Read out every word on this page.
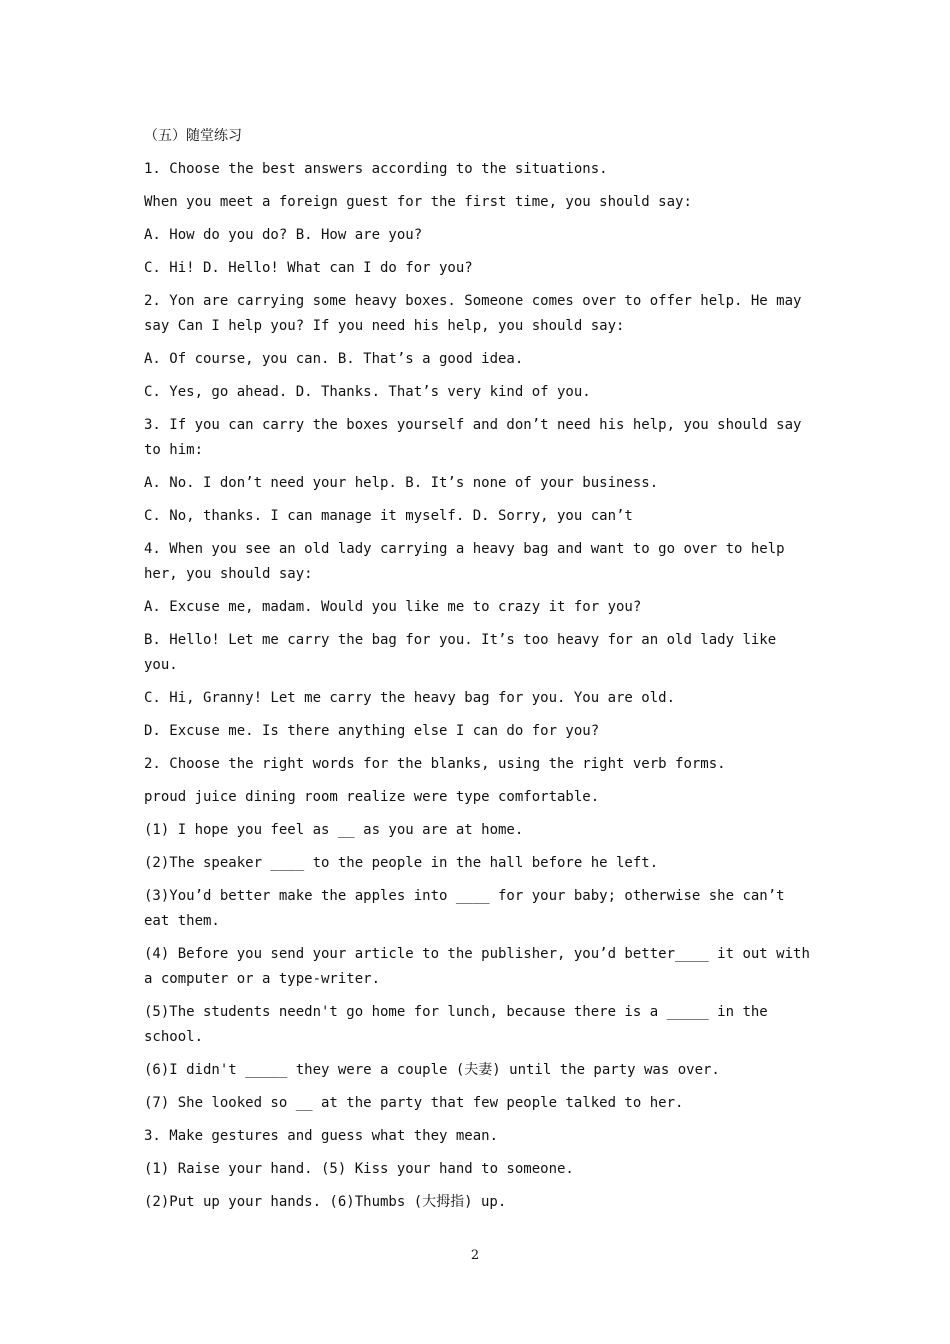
（五）随堂练习
1. Choose the best answers according to the situations.
When you meet a foreign guest for the first time, you should say:
A. How do you do? B. How are you?
C. Hi! D. Hello! What can I do for you?
2. Yon are carrying some heavy boxes. Someone comes over to offer help. He may say Can I help you? If you need his help, you should say:
A. Of course, you can. B. That’s a good idea.
C. Yes, go ahead. D. Thanks. That’s very kind of you.
3. If you can carry the boxes yourself and don’t need his help, you should say to him:
A. No. I don’t need your help. B. It’s none of your business.
C. No, thanks. I can manage it myself. D. Sorry, you can’t
4. When you see an old lady carrying a heavy bag and want to go over to help her, you should say:
A. Excuse me, madam. Would you like me to crazy it for you?
B. Hello! Let me carry the bag for you. It’s too heavy for an old lady like you.
C. Hi, Granny! Let me carry the heavy bag for you. You are old.
D. Excuse me. Is there anything else I can do for you?
2. Choose the right words for the blanks, using the right verb forms.
proud juice dining room realize were type comfortable.
(1) I hope you feel as __ as you are at home.
(2)The speaker ____ to the people in the hall before he left.
(3)You’d better make the apples into ____ for your baby; otherwise she can’t eat them.
(4) Before you send your article to the publisher, you’d better____ it out with a computer or a type-writer.
(5)The students needn't go home for lunch, because there is a _____ in the school.
(6)I didn't _____ they were a couple (夫妻) until the party was over.
(7) She looked so __ at the party that few people talked to her.
3. Make gestures and guess what they mean.
(1) Raise your hand. (5) Kiss your hand to someone.
(2)Put up your hands. (6)Thumbs (大拇指) up.
2
